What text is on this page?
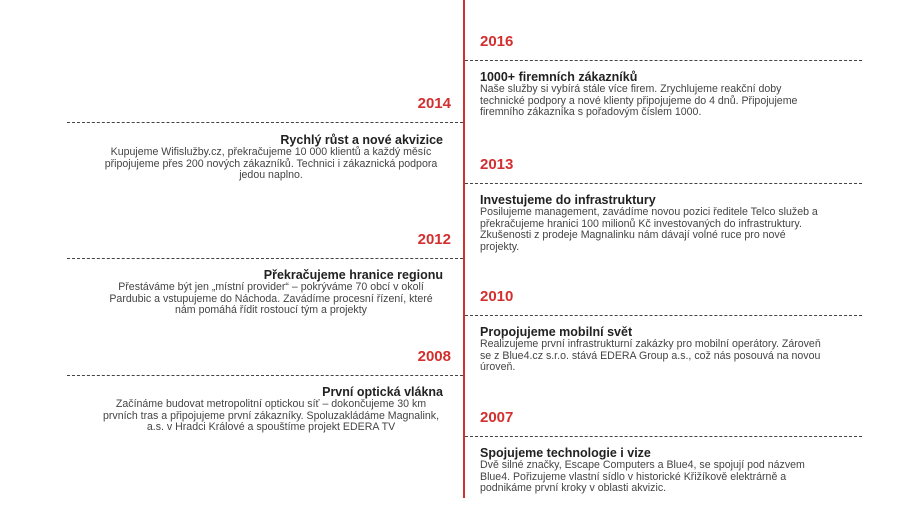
2016
1000+ firemních zákazníků
Naše služby si vybírá stále více firem. Zrychlujeme reakční doby
technické podpory a nové klienty připojujeme do 4 dnů. Připojujeme
firemního zákazníka s pořadovým číslem 1000.
2014
Rychlý růst a nové akvizice
Kupujeme Wifislužby.cz, překračujeme 10 000 klientů a každý měsíc
připojujeme přes 200 nových zákazníků. Technici i zákaznická podpora
jedou naplno.
2013
Investujeme do infrastruktury
Posilujeme management, zavádíme novou pozici ředitele Telco služeb a
překračujeme hranici 100 milionů Kč investovaných do infrastruktury.
Zkušenosti z prodeje Magnalinku nám dávají volné ruce pro nové
projekty.
2012
Překračujeme hranice regionu
Přestáváme být jen „místní provider“ – pokrýváme 70 obcí v okolí
Pardubic a vstupujeme do Náchoda. Zavádíme procesní řízení, které
nám pomáhá řídit rostoucí tým a projekty
2010
Propojujeme mobilní svět
Realizujeme první infrastrukturní zakázky pro mobilní operátory. Zároveň
se z Blue4.cz s.r.o. stává EDERA Group a.s., což nás posouvá na novou
úroveň.
2008
První optická vlákna
Začínáme budovat metropolitní optickou síť – dokončujeme 30 km
prvních tras a připojujeme první zákazníky. Spoluzakládáme Magnalink,
a.s. v Hradci Králové a spouštíme projekt EDERA TV
2007
Spojujeme technologie i vize
Dvě silné značky, Escape Computers a Blue4, se spojují pod názvem
Blue4. Pořizujeme vlastní sídlo v historické Křižíkově elektrárně a
podnikáme první kroky v oblasti akvizic.
